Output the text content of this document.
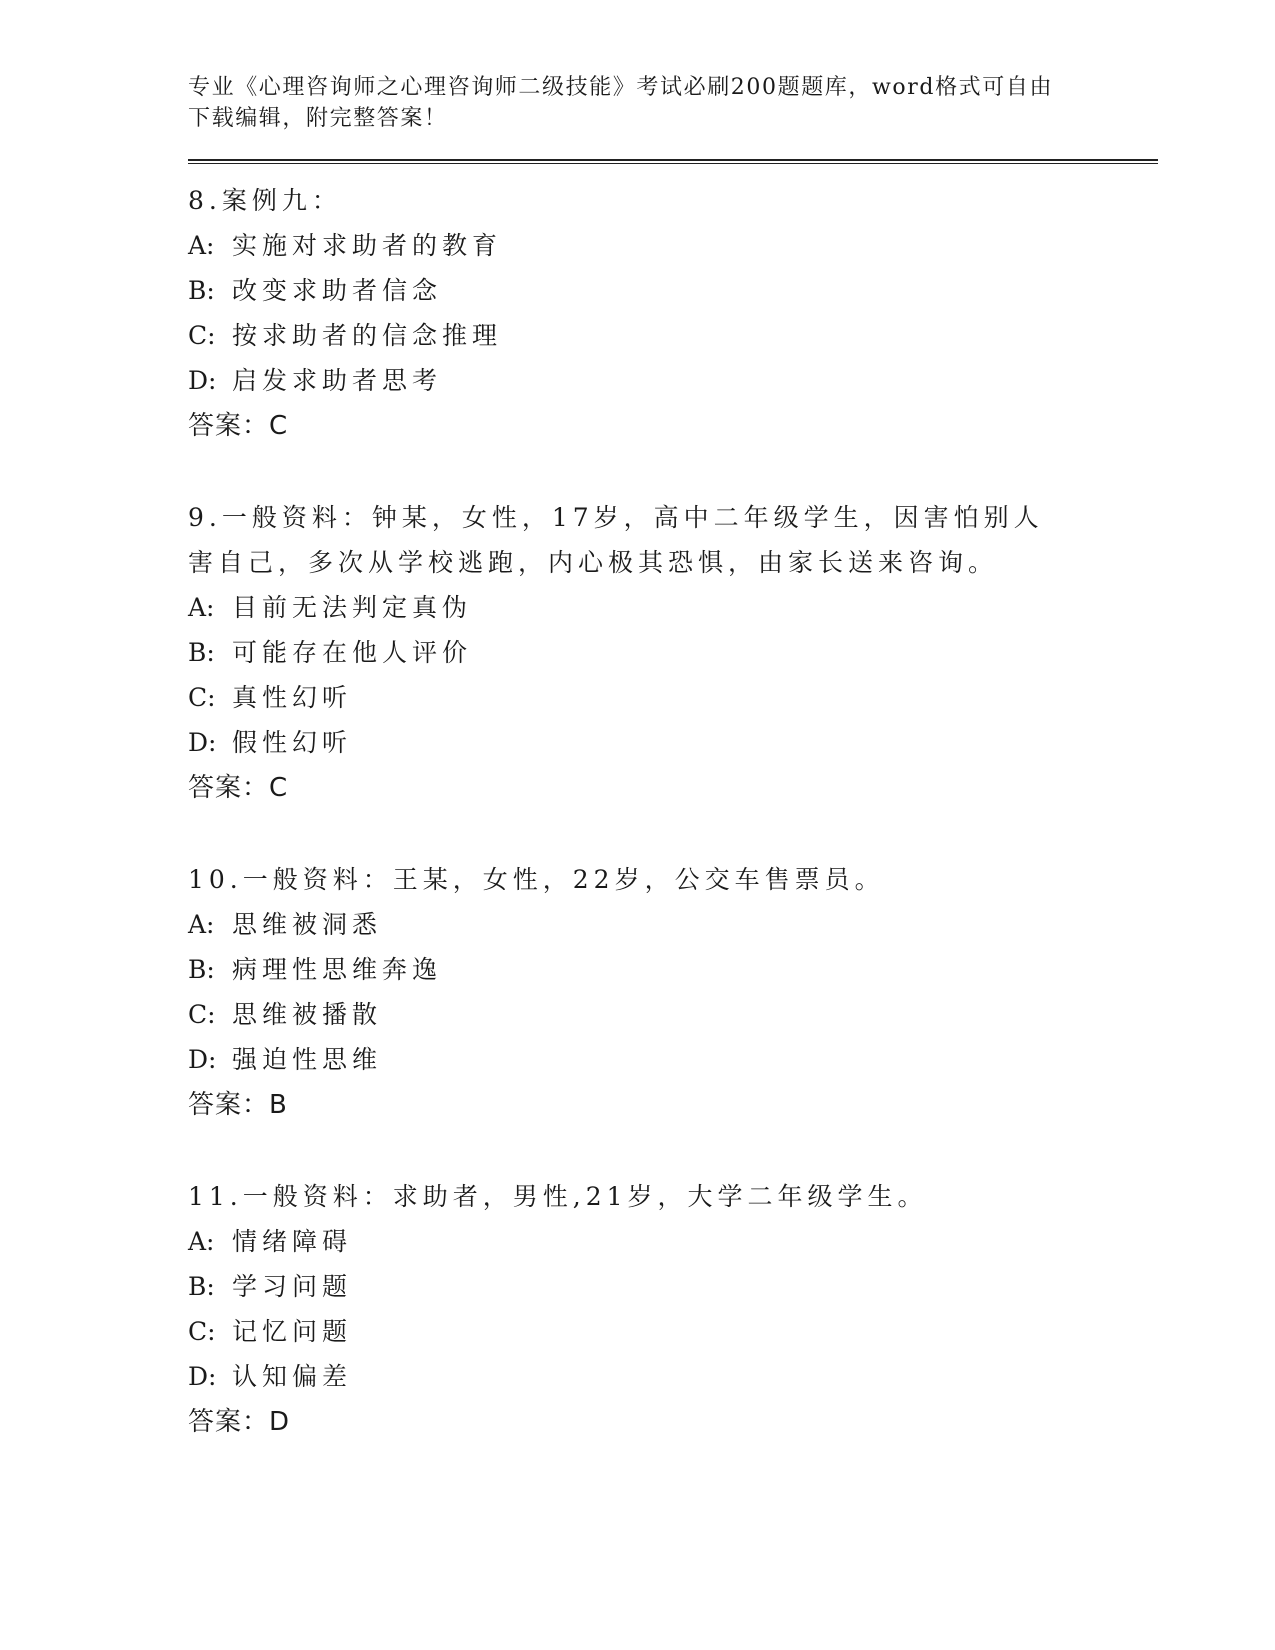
专业《心理咨询师之心理咨询师二级技能》考试必刷200题题库，word格式可自由下载编辑，附完整答案！
8.案例九：
A: 实施对求助者的教育
B: 改变求助者信念
C: 按求助者的信念推理
D: 启发求助者思考
答案：C
9.一般资料：钟某，女性，17岁，高中二年级学生，因害怕别人害自己，多次从学校逃跑，内心极其恐惧，由家长送来咨询。
A: 目前无法判定真伪
B: 可能存在他人评价
C: 真性幻听
D: 假性幻听
答案：C
10.一般资料：王某，女性，22岁，公交车售票员。
A: 思维被洞悉
B: 病理性思维奔逸
C: 思维被播散
D: 强迫性思维
答案：B
11.一般资料：求助者，男性,21岁，大学二年级学生。
A: 情绪障碍
B: 学习问题
C: 记忆问题
D: 认知偏差
答案：D
